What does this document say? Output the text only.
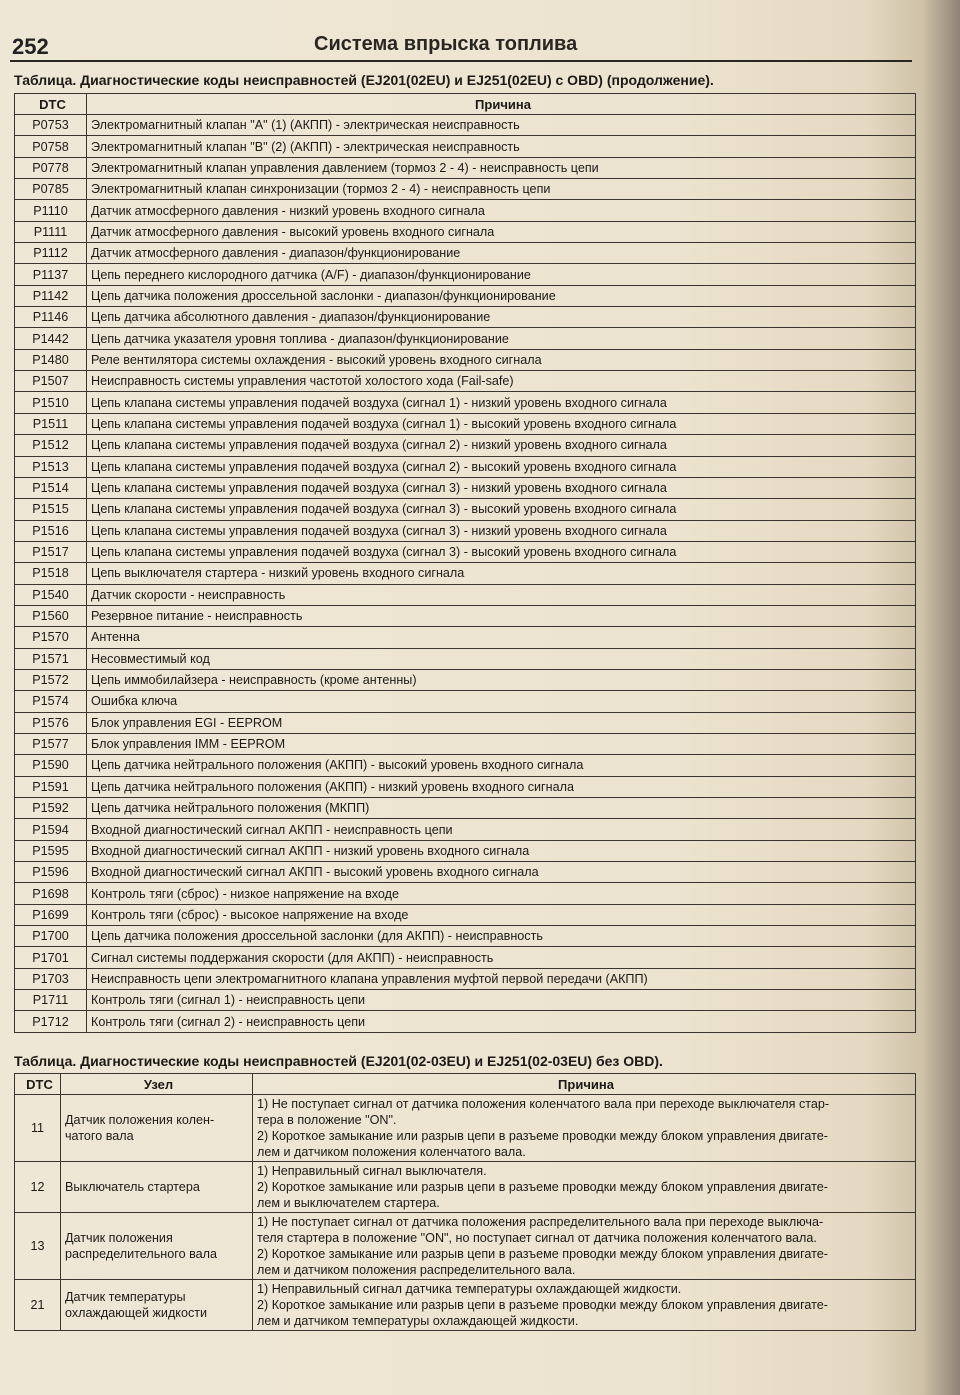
252	Система впрыска топлива
Таблица. Диагностические коды неисправностей (EJ201(02EU) и EJ251(02EU) с OBD) (продолжение).
DTC	Причина
P0753	Электромагнитный клапан "A" (1) (АКПП) - электрическая неисправность
P0758	Электромагнитный клапан "B" (2) (АКПП) - электрическая неисправность
P0778	Электромагнитный клапан управления давлением (тормоз 2 - 4) - неисправность цепи
P0785	Электромагнитный клапан синхронизации (тормоз 2 - 4) - неисправность цепи
P1110	Датчик атмосферного давления - низкий уровень входного сигнала
P1111	Датчик атмосферного давления - высокий уровень входного сигнала
P1112	Датчик атмосферного давления - диапазон/функционирование
P1137	Цепь переднего кислородного датчика (A/F) - диапазон/функционирование
P1142	Цепь датчика положения дроссельной заслонки - диапазон/функционирование
P1146	Цепь датчика абсолютного давления - диапазон/функционирование
P1442	Цепь датчика указателя уровня топлива - диапазон/функционирование
P1480	Реле вентилятора системы охлаждения - высокий уровень входного сигнала
P1507	Неисправность системы управления частотой холостого хода (Fail-safe)
P1510	Цепь клапана системы управления подачей воздуха (сигнал 1) - низкий уровень входного сигнала
P1511	Цепь клапана системы управления подачей воздуха (сигнал 1) - высокий уровень входного сигнала
P1512	Цепь клапана системы управления подачей воздуха (сигнал 2) - низкий уровень входного сигнала
P1513	Цепь клапана системы управления подачей воздуха (сигнал 2) - высокий уровень входного сигнала
P1514	Цепь клапана системы управления подачей воздуха (сигнал 3) - низкий уровень входного сигнала
P1515	Цепь клапана системы управления подачей воздуха (сигнал 3) - высокий уровень входного сигнала
P1516	Цепь клапана системы управления подачей воздуха (сигнал 3) - низкий уровень входного сигнала
P1517	Цепь клапана системы управления подачей воздуха (сигнал 3) - высокий уровень входного сигнала
P1518	Цепь выключателя стартера - низкий уровень входного сигнала
P1540	Датчик скорости - неисправность
P1560	Резервное питание - неисправность
P1570	Антенна
P1571	Несовместимый код
P1572	Цепь иммобилайзера - неисправность (кроме антенны)
P1574	Ошибка ключа
P1576	Блок управления EGI - EEPROM
P1577	Блок управления IMM - EEPROM
P1590	Цепь датчика нейтрального положения (АКПП) - высокий уровень входного сигнала
P1591	Цепь датчика нейтрального положения (АКПП) - низкий уровень входного сигнала
P1592	Цепь датчика нейтрального положения (МКПП)
P1594	Входной диагностический сигнал АКПП - неисправность цепи
P1595	Входной диагностический сигнал АКПП - низкий уровень входного сигнала
P1596	Входной диагностический сигнал АКПП - высокий уровень входного сигнала
P1698	Контроль тяги (сброс) - низкое напряжение на входе
P1699	Контроль тяги (сброс) - высокое напряжение на входе
P1700	Цепь датчика положения дроссельной заслонки (для АКПП) - неисправность
P1701	Сигнал системы поддержания скорости (для АКПП) - неисправность
P1703	Неисправность цепи электромагнитного клапана управления муфтой первой передачи (АКПП)
P1711	Контроль тяги (сигнал 1) - неисправность цепи
P1712	Контроль тяги (сигнал 2) - неисправность цепи
Таблица. Диагностические коды неисправностей (EJ201(02-03EU) и EJ251(02-03EU) без OBD).
DTC	Узел	Причина
11	Датчик положения колен-
чатого вала	1) Не поступает сигнал от датчика положения коленчатого вала при переходе выключателя стар-
тера в положение "ON".
2) Короткое замыкание или разрыв цепи в разъеме проводки между блоком управления двигате-
лем и датчиком положения коленчатого вала.

12	Выключатель стартера	1) Неправильный сигнал выключателя.
2) Короткое замыкание или разрыв цепи в разъеме проводки между блоком управления двигате-
лем и выключателем стартера.

13	Датчик положения
распределительного вала	1) Не поступает сигнал от датчика положения распределительного вала при переходе выключа-
теля стартера в положение "ON", но поступает сигнал от датчика положения коленчатого вала.
2) Короткое замыкание или разрыв цепи в разъеме проводки между блоком управления двигате-
лем и датчиком положения распределительного вала.

21	Датчик температуры
охлаждающей жидкости	1) Неправильный сигнал датчика температуры охлаждающей жидкости.
2) Короткое замыкание или разрыв цепи в разъеме проводки между блоком управления двигате-
лем и датчиком температуры охлаждающей жидкости.
